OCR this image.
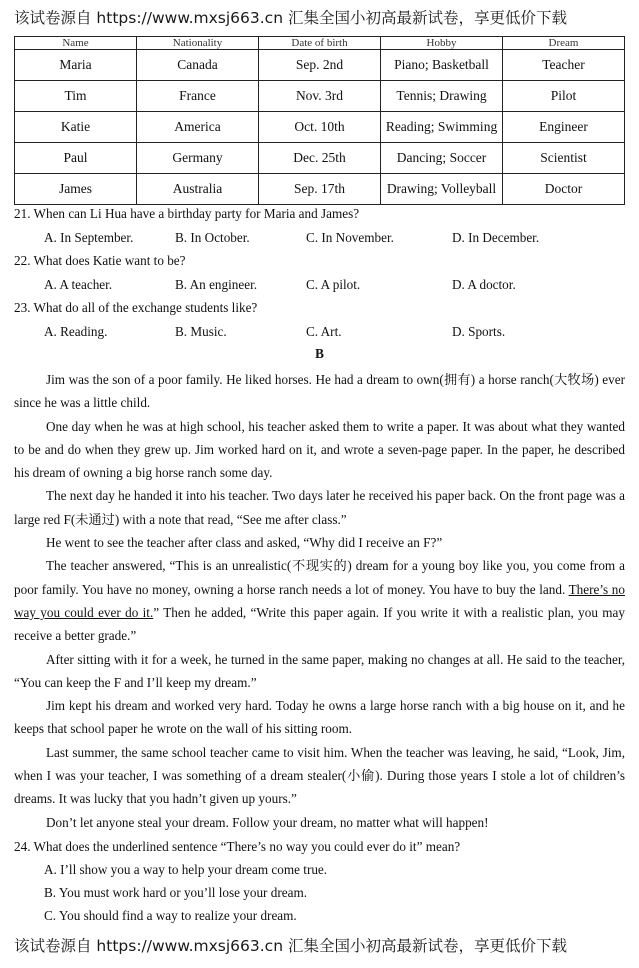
该试卷源自 https://www.mxsj663.cn 汇集全国小初高最新试卷，享更低价下载
Name	Nationality	Date of birth	Hobby	Dream
Maria	Canada	Sep. 2nd	Piano; Basketball	Teacher
Tim	France	Nov. 3rd	Tennis; Drawing	Pilot
Katie	America	Oct. 10th	Reading; Swimming	Engineer
Paul	Germany	Dec. 25th	Dancing; Soccer	Scientist
James	Australia	Sep. 17th	Drawing; Volleyball	Doctor
21. When can Li Hua have a birthday party for Maria and James?
A. In September.	B. In October.	C. In November.	D. In December.
22. What does Katie want to be?
A. A teacher.	B. An engineer.	C. A pilot.	D. A doctor.
23. What do all of the exchange students like?
A. Reading.	B. Music.	C. Art.	D. Sports.
B

Jim was the son of a poor family. He liked horses. He had a dream to own(拥有) a horse ranch(大牧场) ever since he was a little child.

One day when he was at high school, his teacher asked them to write a paper. It was about what they wanted to be and do when they grew up. Jim worked hard on it, and wrote a seven-page paper. In the paper, he described his dream of owning a big horse ranch some day.

The next day he handed it into his teacher. Two days later he received his paper back. On the front page was a large red F(未通过) with a note that read, “See me after class.”

He went to see the teacher after class and asked, “Why did I receive an F?”

The teacher answered, “This is an unrealistic(不现实的) dream for a young boy like you, you come from a poor family. You have no money, owning a horse ranch needs a lot of money. You have to buy the land. There’s no way you could ever do it.” Then he added, “Write this paper again. If you write it with a realistic plan, you may receive a better grade.”

After sitting with it for a week, he turned in the same paper, making no changes at all. He said to the teacher, “You can keep the F and I’ll keep my dream.”

Jim kept his dream and worked very hard. Today he owns a large horse ranch with a big house on it, and he keeps that school paper he wrote on the wall of his sitting room.

Last summer, the same school teacher came to visit him. When the teacher was leaving, he said, “Look, Jim, when I was your teacher, I was something of a dream stealer(小偷). During those years I stole a lot of children’s dreams. It was lucky that you hadn’t given up yours.”

Don’t let anyone steal your dream. Follow your dream, no matter what will happen!

24. What does the underlined sentence “There’s no way you could ever do it” mean?
A. I’ll show you a way to help your dream come true.
B. You must work hard or you’ll lose your dream.
C. You should find a way to realize your dream.
该试卷源自 https://www.mxsj663.cn 汇集全国小初高最新试卷，享更低价下载
